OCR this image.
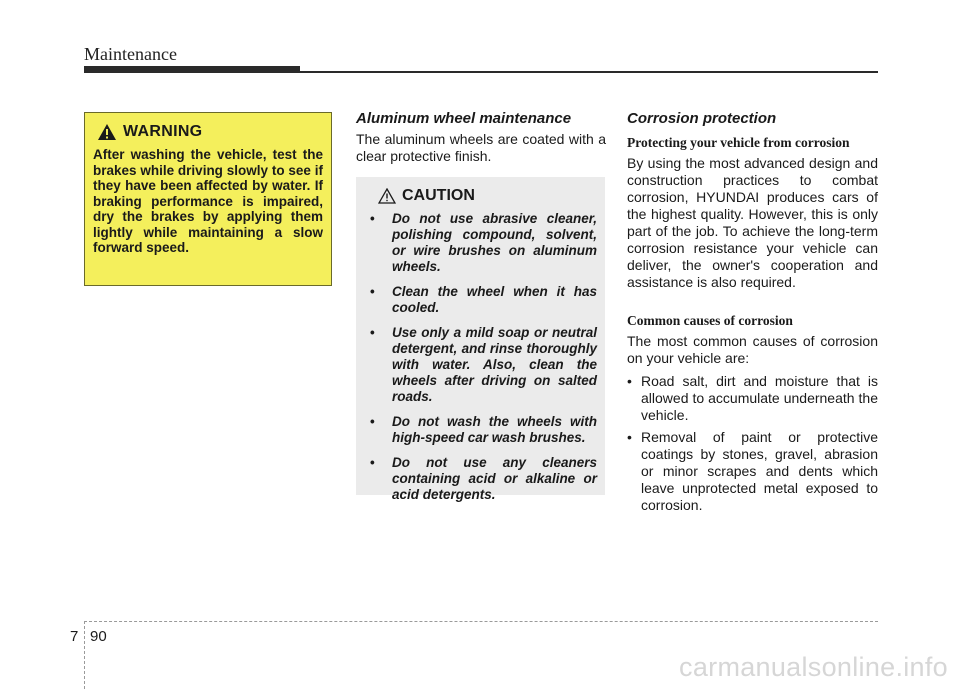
Maintenance
WARNING
After washing the vehicle, test the brakes while driving slowly to see if they have been affected by water. If braking performance is impaired, dry the brakes by applying them lightly while maintaining a slow forward speed.
Aluminum wheel maintenance

The aluminum wheels are coated with a clear protective finish.

CAUTION
• Do not use abrasive cleaner, polishing compound, solvent, or wire brushes on aluminum wheels.
• Clean the wheel when it has cooled.
• Use only a mild soap or neutral detergent, and rinse thoroughly with water. Also, clean the wheels after driving on salted roads.
• Do not wash the wheels with high-speed car wash brushes.
• Do not use any cleaners containing acid or alkaline or acid detergents.
Corrosion protection
Protecting your vehicle from corrosion

By using the most advanced design and construction practices to combat corrosion, HYUNDAI produces cars of the highest quality. However, this is only part of the job. To achieve the long-term corrosion resistance your vehicle can deliver, the owner's cooperation and assistance is also required.

Common causes of corrosion

The most common causes of corrosion on your vehicle are:

• Road salt, dirt and moisture that is allowed to accumulate underneath the vehicle.
• Removal of paint or protective coatings by stones, gravel, abrasion or minor scrapes and dents which leave unprotected metal exposed to corrosion.
7 90
carmanualsonline.info
